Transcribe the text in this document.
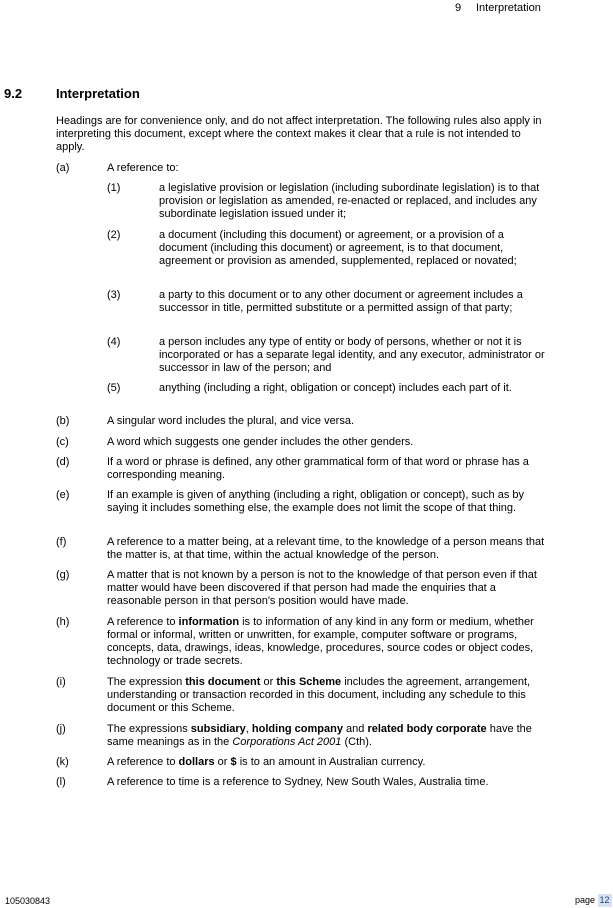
9 Interpretation
9.2	Interpretation
Headings are for convenience only, and do not affect interpretation. The following rules also apply in interpreting this document, except where the context makes it clear that a rule is not intended to apply.
(a)	A reference to:
(1)	a legislative provision or legislation (including subordinate legislation) is to that provision or legislation as amended, re-enacted or replaced, and includes any subordinate legislation issued under it;
(2)	a document (including this document) or agreement, or a provision of a document (including this document) or agreement, is to that document, agreement or provision as amended, supplemented, replaced or novated;
(3)	a party to this document or to any other document or agreement includes a successor in title, permitted substitute or a permitted assign of that party;
(4)	a person includes any type of entity or body of persons, whether or not it is incorporated or has a separate legal identity, and any executor, administrator or successor in law of the person; and
(5)	anything (including a right, obligation or concept) includes each part of it.
(b)	A singular word includes the plural, and vice versa.
(c)	A word which suggests one gender includes the other genders.
(d)	If a word or phrase is defined, any other grammatical form of that word or phrase has a corresponding meaning.
(e)	If an example is given of anything (including a right, obligation or concept), such as by saying it includes something else, the example does not limit the scope of that thing.
(f)	A reference to a matter being, at a relevant time, to the knowledge of a person means that the matter is, at that time, within the actual knowledge of the person.
(g)	A matter that is not known by a person is not to the knowledge of that person even if that matter would have been discovered if that person had made the enquiries that a reasonable person in that person's position would have made.
(h)	A reference to information is to information of any kind in any form or medium, whether formal or informal, written or unwritten, for example, computer software or programs, concepts, data, drawings, ideas, knowledge, procedures, source codes or object codes, technology or trade secrets.
(i)	The expression this document or this Scheme includes the agreement, arrangement, understanding or transaction recorded in this document, including any schedule to this document or this Scheme.
(j)	The expressions subsidiary, holding company and related body corporate have the same meanings as in the Corporations Act 2001 (Cth).
(k)	A reference to dollars or $ is to an amount in Australian currency.
(l)	A reference to time is a reference to Sydney, New South Wales, Australia time.
105030843	page 12
